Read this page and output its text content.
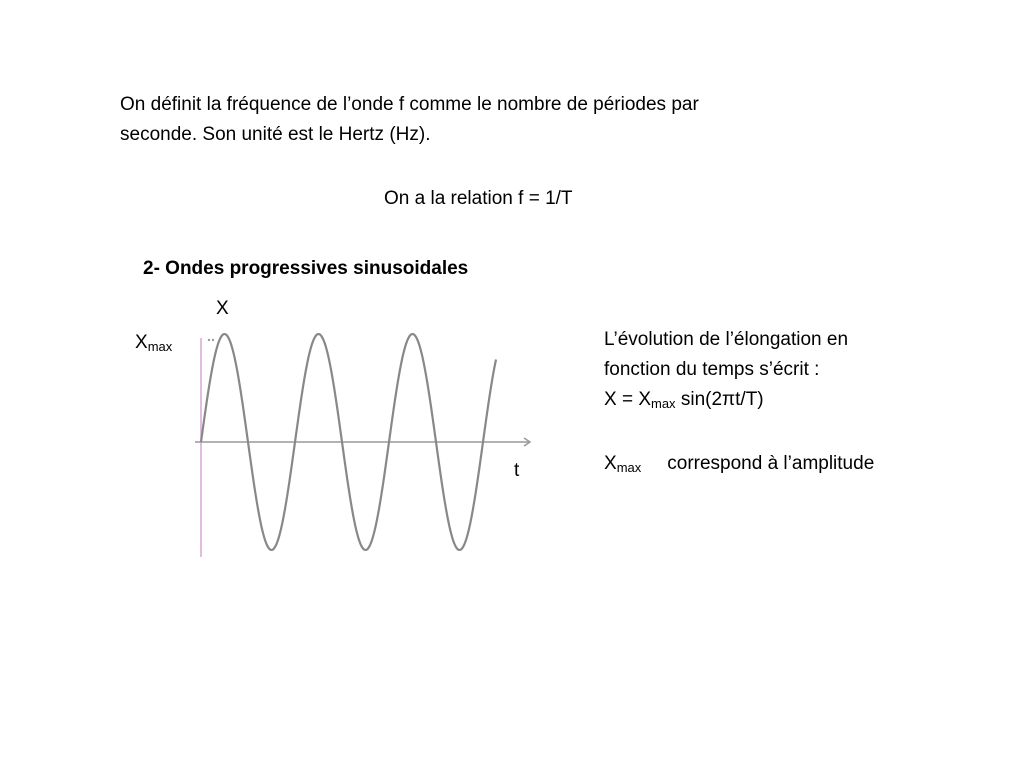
On définit la fréquence de l’onde f comme le nombre de périodes par
seconde. Son unité est le Hertz (Hz).
On a la relation f = 1/T
2- Ondes progressives sinusoidales
X
$X_{max}$
t
L’évolution de l’élongation en
fonction du temps s’écrit :
$X = X_{max}$ sin(2πt/T)
$X_{max}$ correspond à l’amplitude
